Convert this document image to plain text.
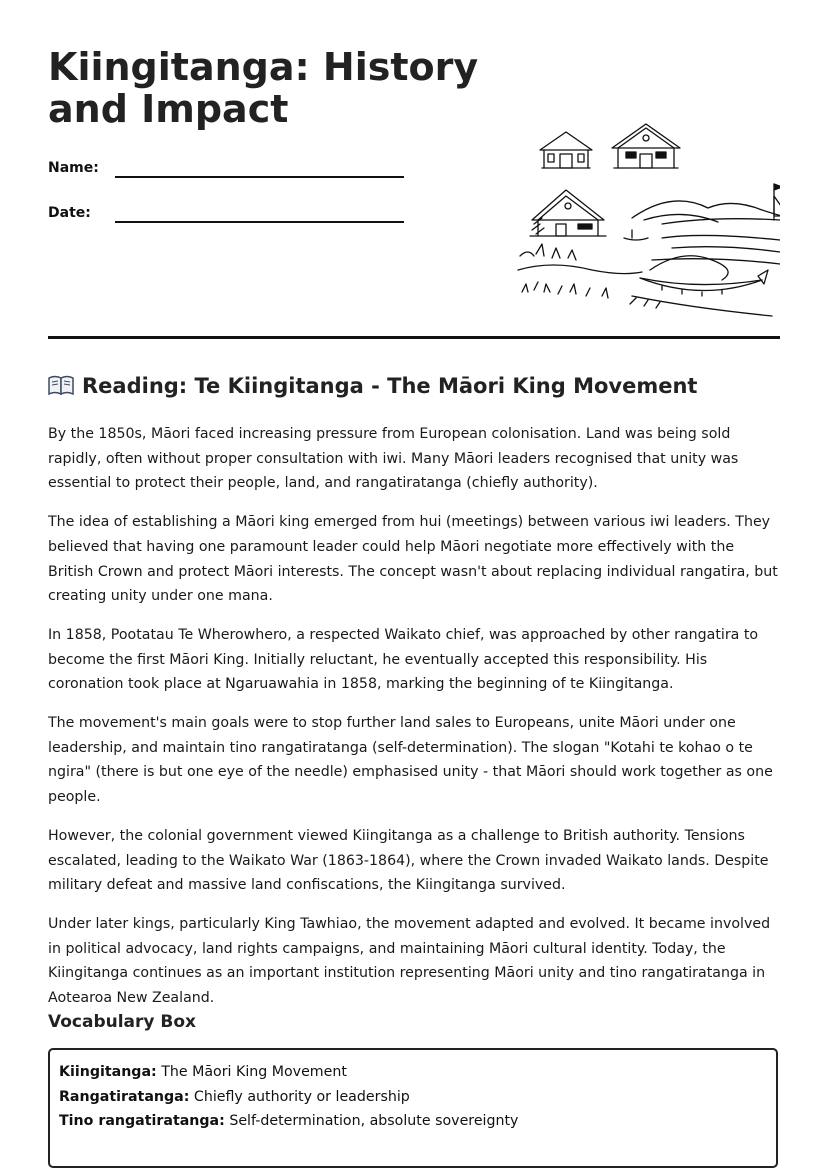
Kiingitanga: History and Impact
Name:
Date:
Reading: Te Kiingitanga - The Māori King Movement

By the 1850s, Māori faced increasing pressure from European colonisation. Land was being sold rapidly, often without proper consultation with iwi. Many Māori leaders recognised that unity was essential to protect their people, land, and rangatiratanga (chiefly authority).

The idea of establishing a Māori king emerged from hui (meetings) between various iwi leaders. They believed that having one paramount leader could help Māori negotiate more effectively with the British Crown and protect Māori interests. The concept wasn't about replacing individual rangatira, but creating unity under one mana.

In 1858, Pootatau Te Wherowhero, a respected Waikato chief, was approached by other rangatira to become the first Māori King. Initially reluctant, he eventually accepted this responsibility. His coronation took place at Ngaruawahia in 1858, marking the beginning of te Kiingitanga.

The movement's main goals were to stop further land sales to Europeans, unite Māori under one leadership, and maintain tino rangatiratanga (self-determination). The slogan "Kotahi te kohao o te ngira" (there is but one eye of the needle) emphasised unity - that Māori should work together as one people.

However, the colonial government viewed Kiingitanga as a challenge to British authority. Tensions escalated, leading to the Waikato War (1863-1864), where the Crown invaded Waikato lands. Despite military defeat and massive land confiscations, the Kiingitanga survived.

Under later kings, particularly King Tawhiao, the movement adapted and evolved. It became involved in political advocacy, land rights campaigns, and maintaining Māori cultural identity. Today, the Kiingitanga continues as an important institution representing Māori unity and tino rangatiratanga in Aotearoa New Zealand.

Vocabulary Box
Kiingitanga: The Māori King Movement
Rangatiratanga: Chiefly authority or leadership
Tino rangatiratanga: Self-determination, absolute sovereignty
